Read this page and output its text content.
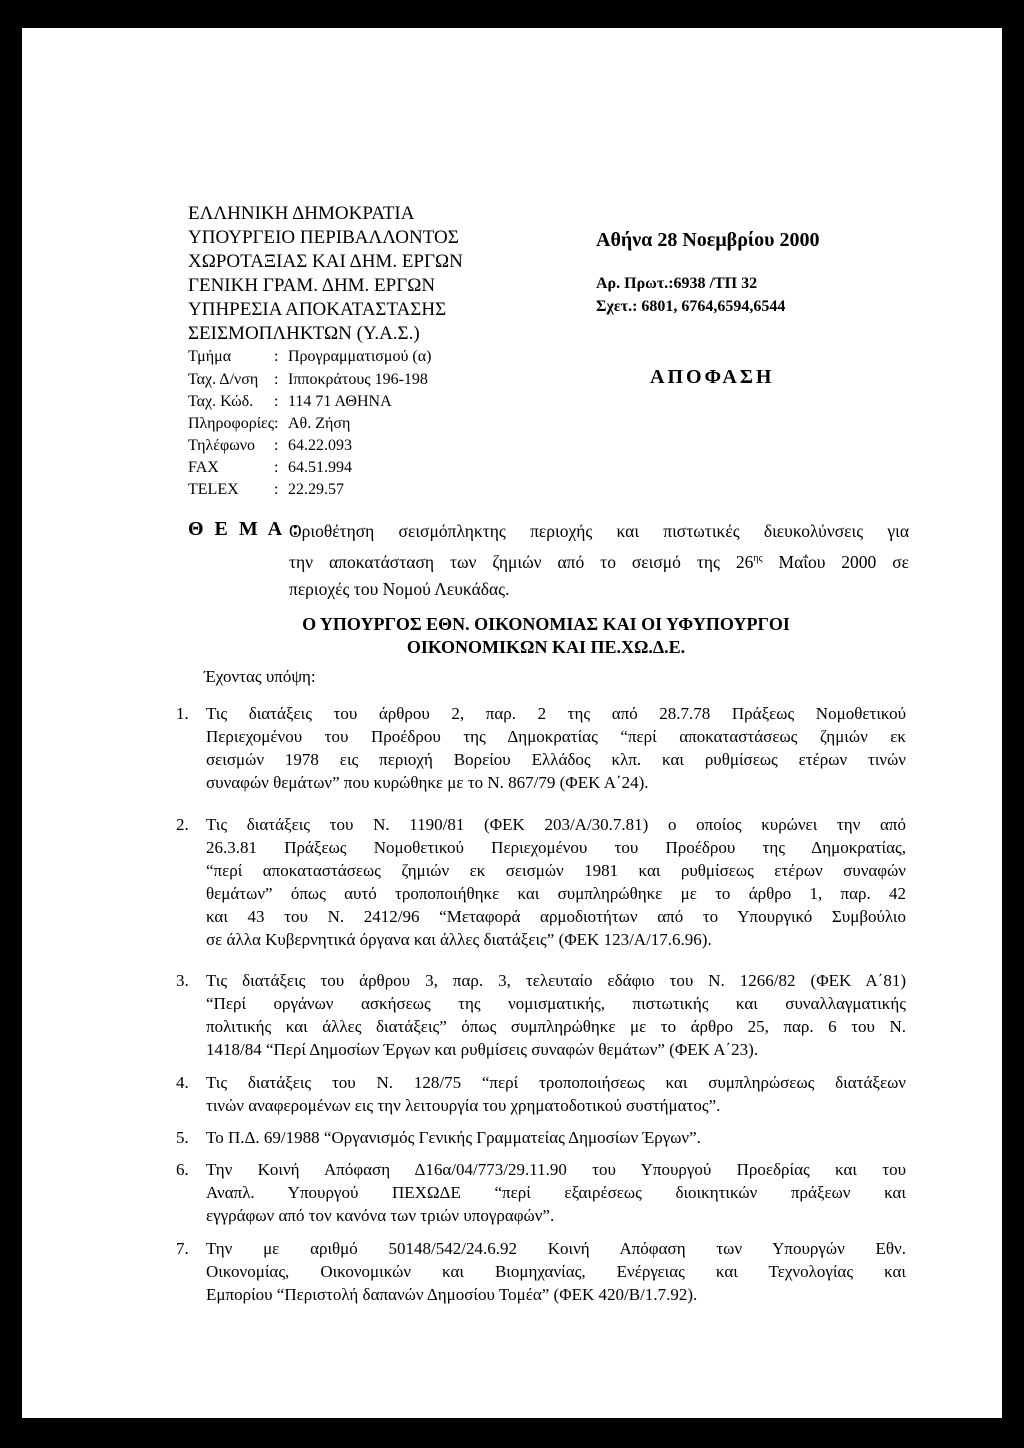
ΕΛΛΗΝΙΚΗ ΔΗΜΟΚΡΑΤΙΑ
ΥΠΟΥΡΓΕΙΟ ΠΕΡΙΒΑΛΛΟΝΤΟΣ
ΧΩΡΟΤΑΞΙΑΣ ΚΑΙ ΔΗΜ. ΕΡΓΩΝ
ΓΕΝΙΚΗ ΓΡΑΜ. ΔΗΜ. ΕΡΓΩΝ
ΥΠΗΡΕΣΙΑ ΑΠΟΚΑΤΑΣΤΑΣΗΣ
ΣΕΙΣΜΟΠΛΗΚΤΩΝ (Υ.Α.Σ.)
Τμήμα	: Προγραμματισμού (α)
Ταχ. Δ/νση : Ιπποκράτους 196-198
Ταχ. Κώδ. : 114 71 ΑΘΗΝΑ
Πληροφορίες : Αθ. Ζήση
Τηλέφωνο : 64.22.093
FAX	: 64.51.994
TELEX : 22.29.57
Αθήνα 28 Νοεμβρίου 2000
Αρ. Πρωτ.:6938 /ΤΠ 32
Σχετ.: 6801, 6764,6594,6544
ΑΠΟΦΑΣΗ
Θ Ε Μ Α :
Οριοθέτηση σεισμόπληκτης περιοχής και πιστωτικές διευκολύνσεις για
την αποκατάσταση των ζημιών από το σεισμό της $26^{\eta\varsigma}$ Μαΐου 2000 σε
περιοχές του Νομού Λευκάδας.
Ο ΥΠΟΥΡΓΟΣ ΕΘΝ. ΟΙΚΟΝΟΜΙΑΣ ΚΑΙ ΟΙ ΥΦΥΠΟΥΡΓΟΙ
ΟΙΚΟΝΟΜΙΚΩΝ ΚΑΙ ΠΕ.ΧΩ.Δ.Ε.
Έχοντας υπόψη:
1. Τις διατάξεις του άρθρου 2, παρ. 2 της από 28.7.78 Πράξεως Νομοθετικού
Περιεχομένου του Προέδρου της Δημοκρατίας “περί αποκαταστάσεως ζημιών εκ
σεισμών 1978 εις περιοχή Βορείου Ελλάδος κλπ. και ρυθμίσεως ετέρων τινών
συναφών θεμάτων” που κυρώθηκε με το Ν. 867/79 (ΦΕΚ Α΄24).
2. Τις διατάξεις του Ν. 1190/81 (ΦΕΚ 203/Α/30.7.81) ο οποίος κυρώνει την από
26.3.81 Πράξεως Νομοθετικού Περιεχομένου του Προέδρου της Δημοκρατίας,
“περί αποκαταστάσεως ζημιών εκ σεισμών 1981 και ρυθμίσεως ετέρων συναφών
θεμάτων” όπως αυτό τροποποιήθηκε και συμπληρώθηκε με το άρθρο 1, παρ. 42
και 43 του Ν. 2412/96 “Μεταφορά αρμοδιοτήτων από το Υπουργικό Συμβούλιο
σε άλλα Κυβερνητικά όργανα και άλλες διατάξεις” (ΦΕΚ 123/Α/17.6.96).
3. Τις διατάξεις του άρθρου 3, παρ. 3, τελευταίο εδάφιο του Ν. 1266/82 (ΦΕΚ Α΄81)
“Περί οργάνων ασκήσεως της νομισματικής, πιστωτικής και συναλλαγματικής
πολιτικής και άλλες διατάξεις” όπως συμπληρώθηκε με το άρθρο 25, παρ. 6 του Ν.
1418/84 “Περί Δημοσίων Έργων και ρυθμίσεις συναφών θεμάτων” (ΦΕΚ Α΄23).
4. Τις διατάξεις του Ν. 128/75 “περί τροποποιήσεως και συμπληρώσεως διατάξεων
τινών αναφερομένων εις την λειτουργία του χρηματοδοτικού συστήματος”.
5. Το Π.Δ. 69/1988 “Οργανισμός Γενικής Γραμματείας Δημοσίων Έργων”.
6. Την Κοινή Απόφαση Δ16α/04/773/29.11.90 του Υπουργού Προεδρίας και του
Αναπλ. Υπουργού ΠΕΧΩΔΕ “περί εξαιρέσεως διοικητικών πράξεων και
εγγράφων από τον κανόνα των τριών υπογραφών”.
7. Την με αριθμό 50148/542/24.6.92 Κοινή Απόφαση των Υπουργών Εθν.
Οικονομίας, Οικονομικών και Βιομηχανίας, Ενέργειας και Τεχνολογίας και
Εμπορίου “Περιστολή δαπανών Δημοσίου Τομέα” (ΦΕΚ 420/Β/1.7.92).
